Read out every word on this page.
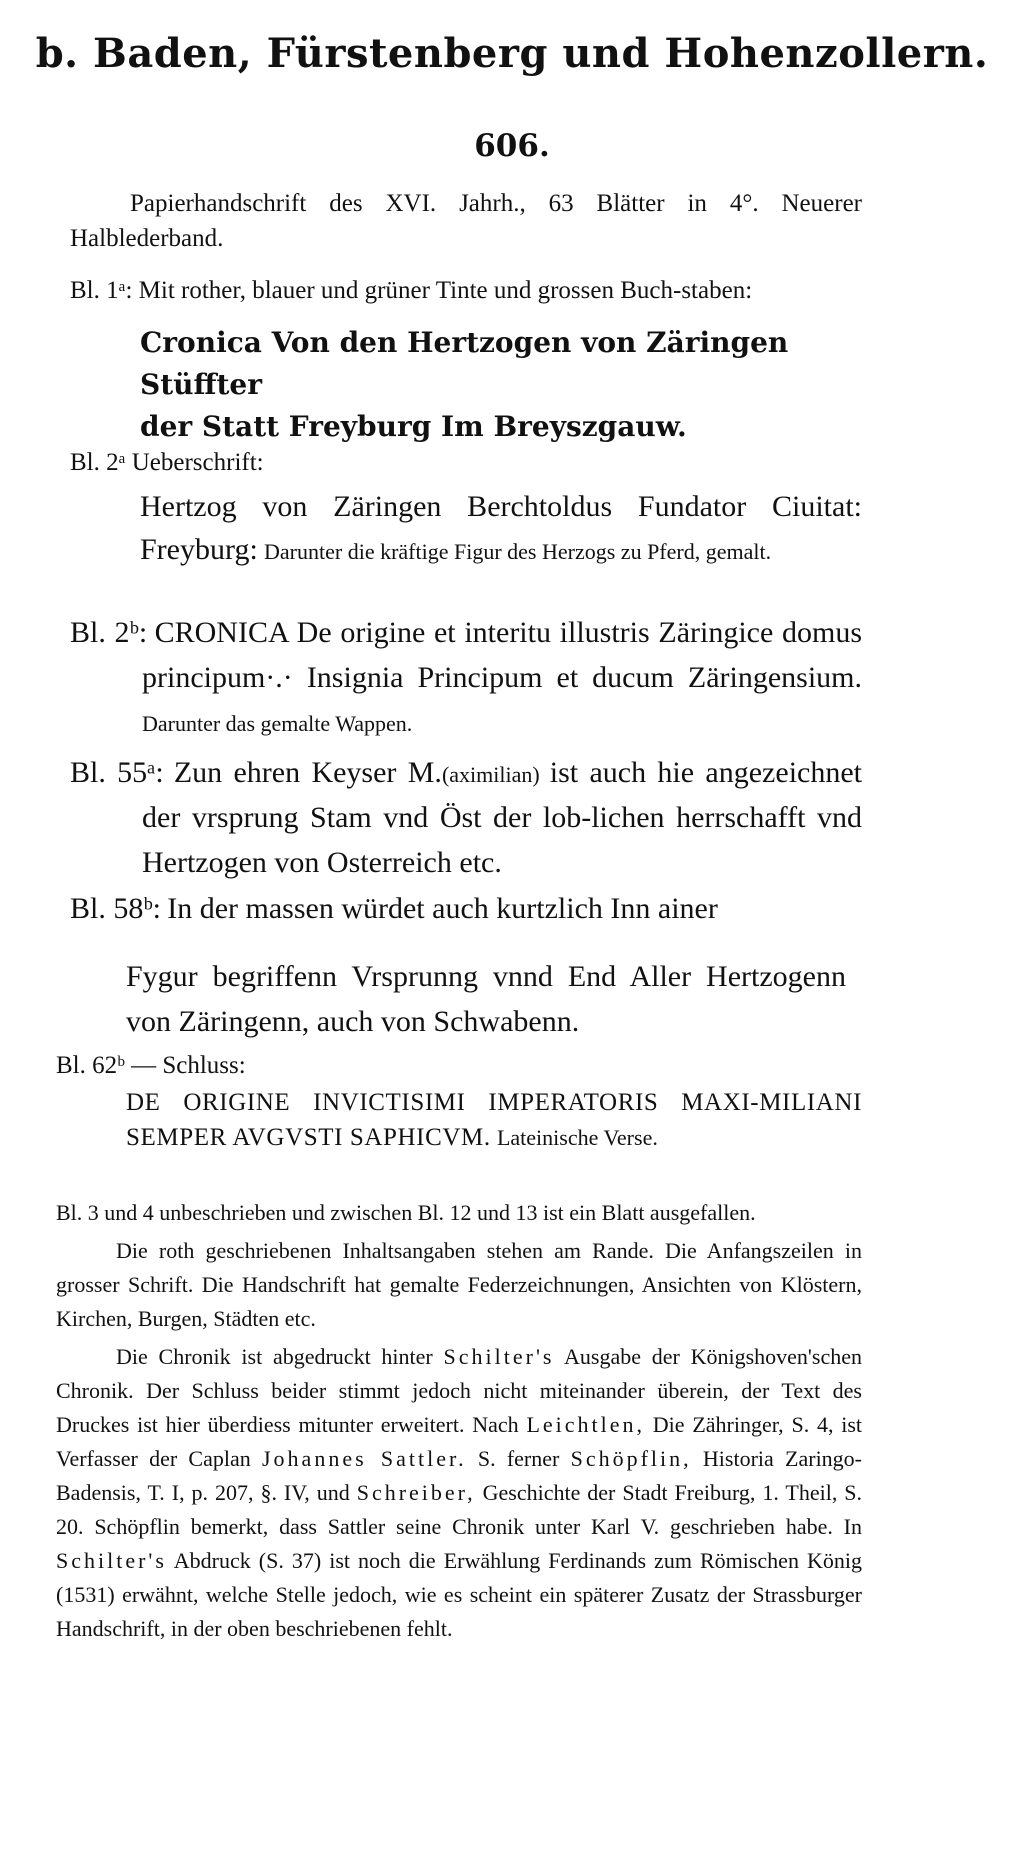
b. Baden, Fürstenberg und Hohenzollern.
606.

Papierhandschrift des XVI. Jahrh., 63 Blätter in 4°. Neuerer Halblederband.

Bl. 1ᵃ: Mit rother, blauer und grüner Tinte und grossen Buch-staben:

Cronica Von den Hertzogen von Zäringen Stüffter
der Statt Freyburg Im Breyszgauw.

Bl. 2ᵃ Ueberschrift:

Hertzog von Zäringen Berchtoldus Fundator Ciuitat: Freyburg: Darunter die kräftige Figur des Herzogs zu Pferd, gemalt.

Bl. 2ᵇ: CRONICA De origine et interitu illustris Zäringice domus principum·.· Insignia Principum et ducum Zäringensium. Darunter das gemalte Wappen.

Bl. 55ᵃ: Zun ehren Keyser M.(aximilian) ist auch hie angezeichnet der vrsprung Stam vnd Öst der lob-lichen herrschafft vnd Hertzogen von Osterreich etc.

Bl. 58ᵇ: In der massen würdet auch kurtzlich Inn ainer

Fygur begriffenn Vrsprunng vnnd End Aller Hertzogenn von Zäringenn, auch von Schwabenn.

Bl. 62ᵇ — Schluss:

DE ORIGINE INVICTISIMI IMPERATORIS MAXI-MILIANI SEMPER AVGVSTI SAPHICVM. Lateinische Verse.

Bl. 3 und 4 unbeschrieben und zwischen Bl. 12 und 13 ist ein Blatt ausgefallen.

Die roth geschriebenen Inhaltsangaben stehen am Rande. Die Anfangszeilen in grosser Schrift. Die Handschrift hat gemalte Federzeichnungen, Ansichten von Klöstern, Kirchen, Burgen, Städten etc.

Die Chronik ist abgedruckt hinter Schilter's Ausgabe der Königshoven'schen Chronik. Der Schluss beider stimmt jedoch nicht miteinander überein, der Text des Druckes ist hier überdiess mitunter erweitert. Nach Leichtlen, Die Zähringer, S. 4, ist Verfasser der Caplan Johannes Sattler. S. ferner Schöpflin, Historia Zaringo-Badensis, T. I, p. 207, §. IV, und Schreiber, Geschichte der Stadt Freiburg, 1. Theil, S. 20. Schöpflin bemerkt, dass Sattler seine Chronik unter Karl V. geschrieben habe. In Schilter's Abdruck (S. 37) ist noch die Erwählung Ferdinands zum Römischen König (1531) erwähnt, welche Stelle jedoch, wie es scheint ein späterer Zusatz der Strassburger Handschrift, in der oben beschriebenen fehlt.
